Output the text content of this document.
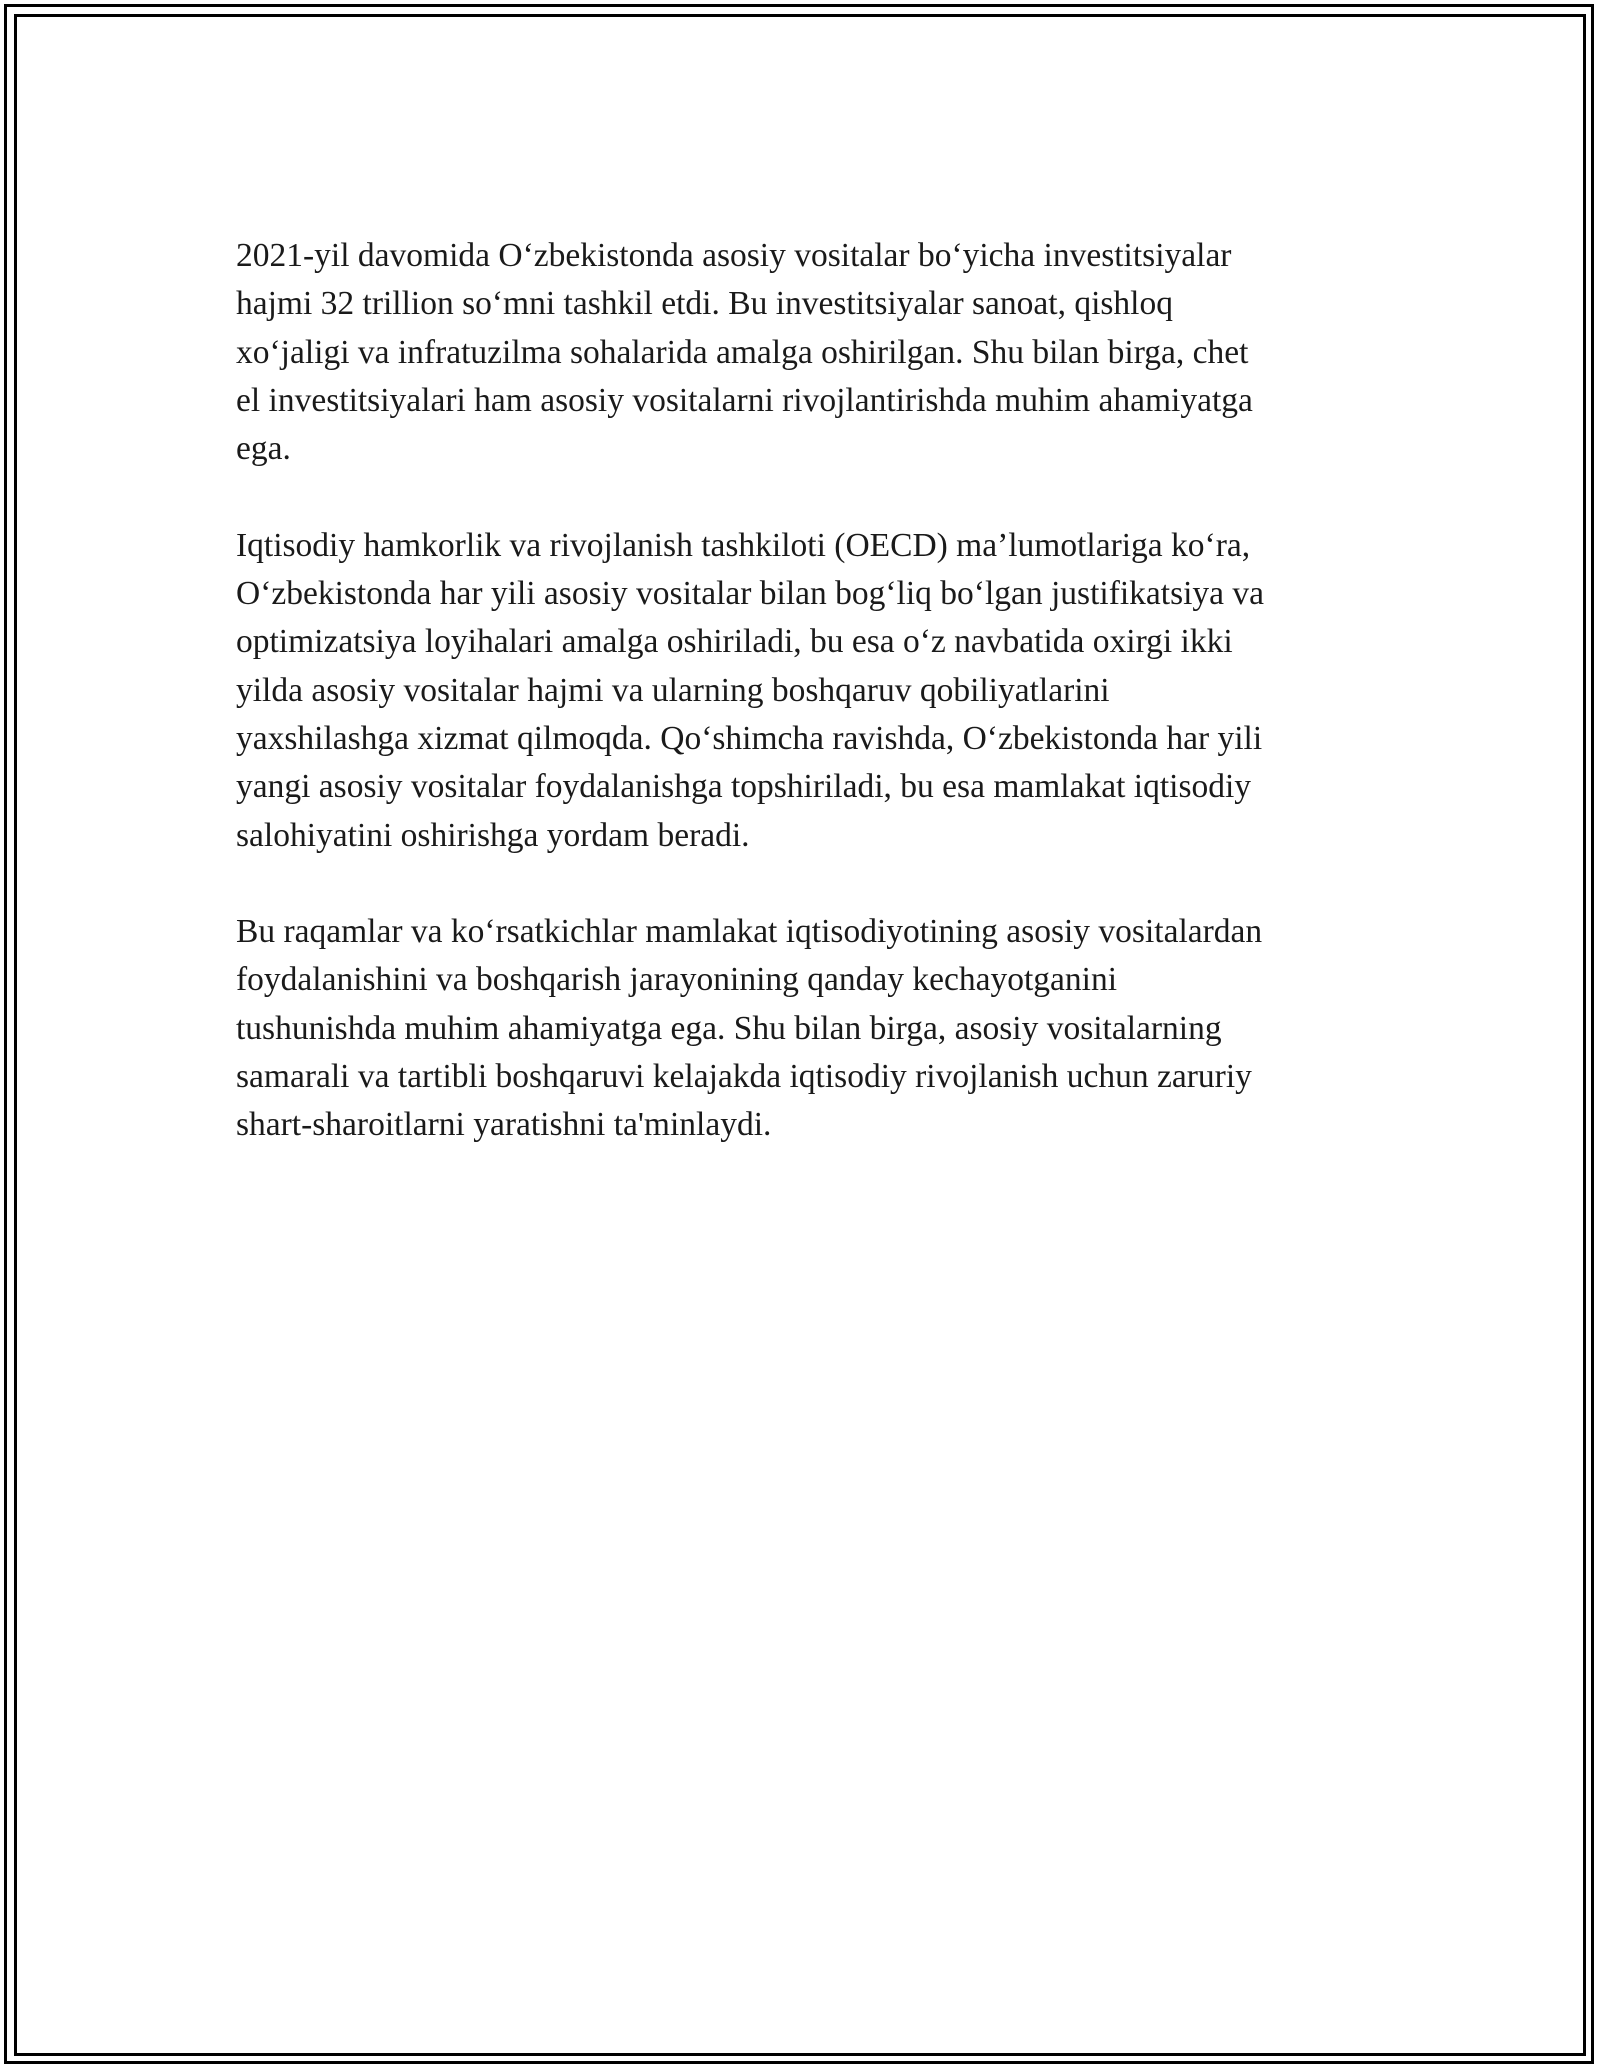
2021-yil davomida O‘zbekistonda asosiy vositalar bo‘yicha investitsiyalar
hajmi 32 trillion so‘mni tashkil etdi. Bu investitsiyalar sanoat, qishloq
xo‘jaligi va infratuzilma sohalarida amalga oshirilgan. Shu bilan birga, chet
el investitsiyalari ham asosiy vositalarni rivojlantirishda muhim ahamiyatga
ega.

Iqtisodiy hamkorlik va rivojlanish tashkiloti (OECD) ma’lumotlariga ko‘ra,
O‘zbekistonda har yili asosiy vositalar bilan bog‘liq bo‘lgan justifikatsiya va
optimizatsiya loyihalari amalga oshiriladi, bu esa o‘z navbatida oxirgi ikki
yilda asosiy vositalar hajmi va ularning boshqaruv qobiliyatlarini
yaxshilashga xizmat qilmoqda. Qo‘shimcha ravishda, O‘zbekistonda har yili
yangi asosiy vositalar foydalanishga topshiriladi, bu esa mamlakat iqtisodiy
salohiyatini oshirishga yordam beradi.

Bu raqamlar va ko‘rsatkichlar mamlakat iqtisodiyotining asosiy vositalardan
foydalanishini va boshqarish jarayonining qanday kechayotganini
tushunishda muhim ahamiyatga ega. Shu bilan birga, asosiy vositalarning
samarali va tartibli boshqaruvi kelajakda iqtisodiy rivojlanish uchun zaruriy
shart-sharoitlarni yaratishni ta'minlaydi.
